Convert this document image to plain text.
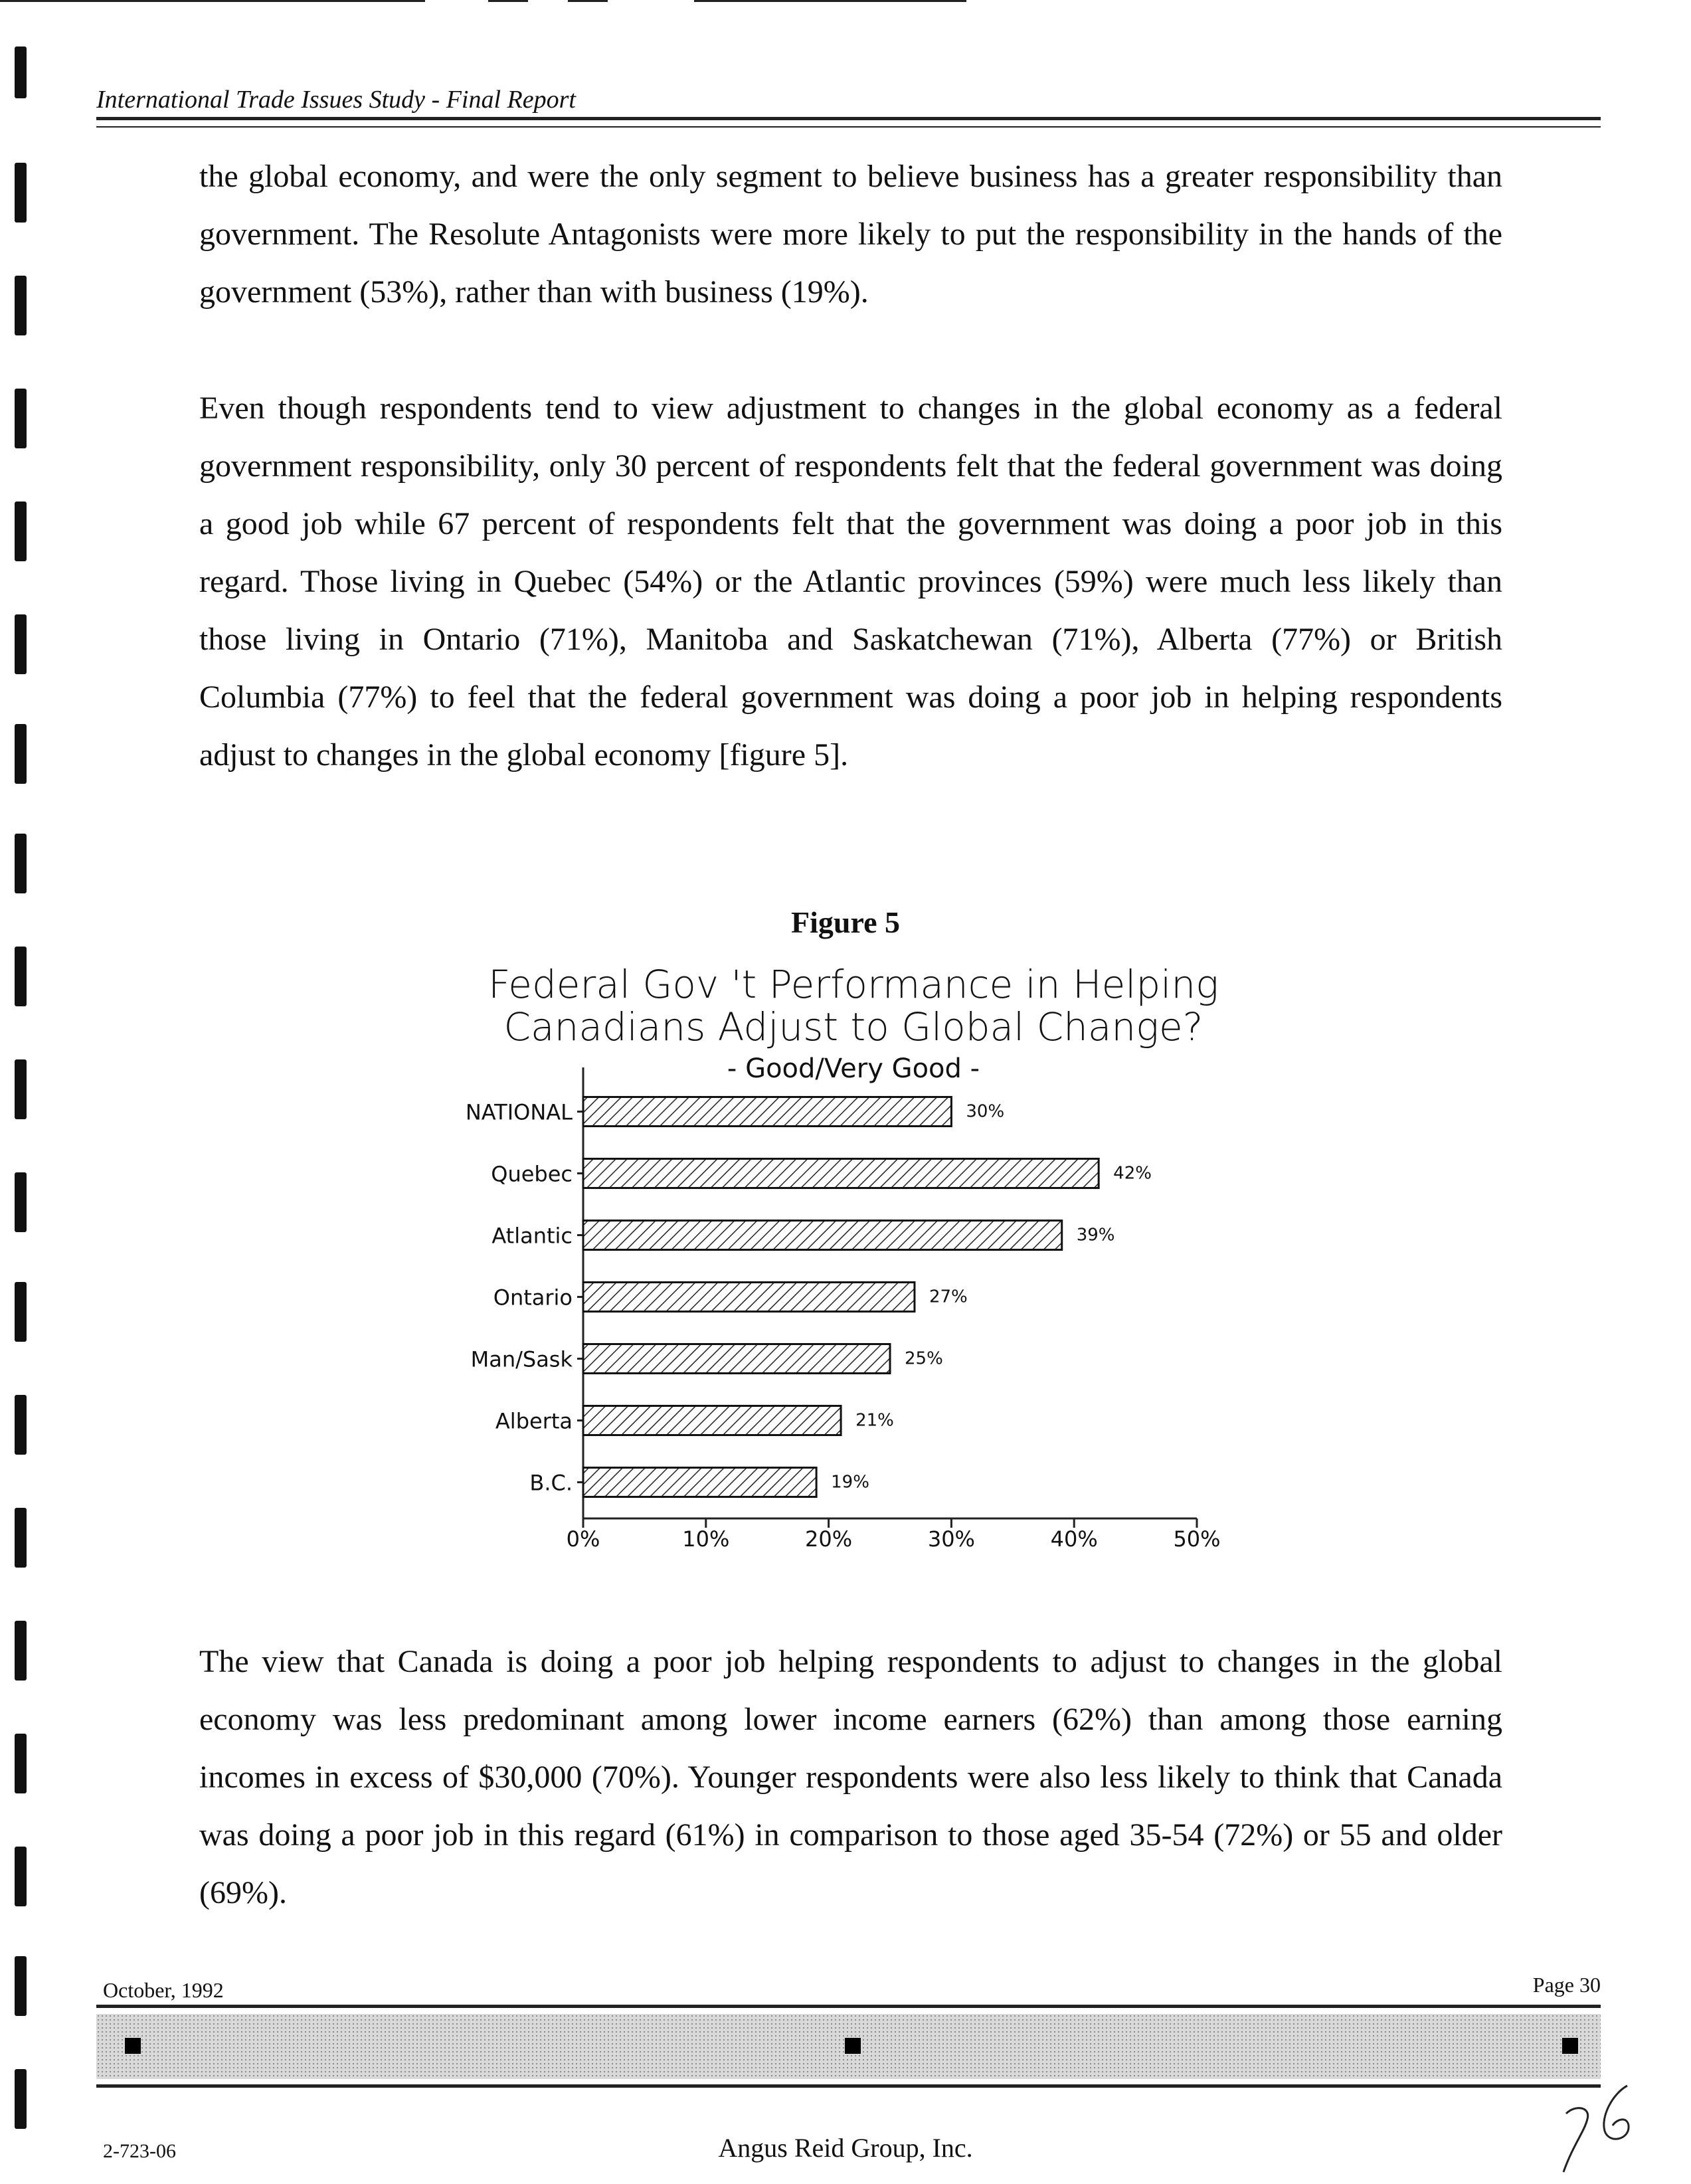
International Trade Issues Study - Final Report

the global economy, and were the only segment to believe business has a greater responsibility than government. The Resolute Antagonists were more likely to put the responsibility in the hands of the government (53%), rather than with business (19%).

Even though respondents tend to view adjustment to changes in the global economy as a federal government responsibility, only 30 percent of respondents felt that the federal government was doing a good job while 67 percent of respondents felt that the government was doing a poor job in this regard. Those living in Quebec (54%) or the Atlantic provinces (59%) were much less likely than those living in Ontario (71%), Manitoba and Saskatchewan (71%), Alberta (77%) or British Columbia (77%) to feel that the federal government was doing a poor job in helping respondents adjust to changes in the global economy [figure 5].

Figure 5
Federal Gov 't Performance in Helping
Canadians Adjust to Global Change?
- Good/Very Good -
NATIONAL	30%
Quebec	42%
Atlantic	39%
Ontario	27%
Man/Sask	25%
Alberta	21%
B.C.	19%
0%	10%	20%	30%	40%	50%

The view that Canada is doing a poor job helping respondents to adjust to changes in the global economy was less predominant among lower income earners (62%) than among those earning incomes in excess of $30,000 (70%). Younger respondents were also less likely to think that Canada was doing a poor job in this regard (61%) in comparison to those aged 35-54 (72%) or 55 and older (69%).

October, 1992	Page 30
2-723-06	Angus Reid Group, Inc.
